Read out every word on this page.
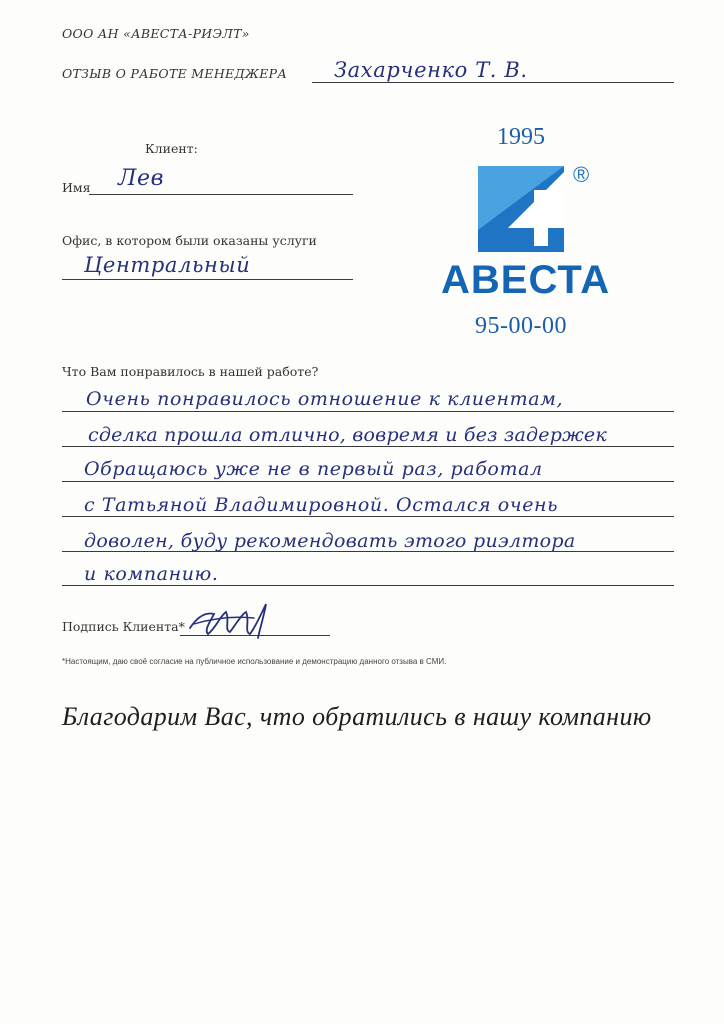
ООО АН «АВЕСТА-РИЭЛТ»
ОТЗЫВ О РАБОТЕ МЕНЕДЖЕРА Захарченко Т. В.
Клиент:
Имя Лев
Офис, в котором были оказаны услуги
Центральный
1995
®
АВЕСТА
95-00-00
Что Вам понравилось в нашей работе?
Очень понравилось отношение к клиентам,
сделка прошла отлично, вовремя и без задержек
Обращаюсь уже не в первый раз, работал
с Татьяной Владимировной. Остался очень
доволен, буду рекомендовать этого риэлтора
и компанию.
Подпись Клиента*
*Настоящим, даю своё согласие на публичное использование и демонстрацию данного отзыва в СМИ.
Благодарим Вас, что обратились в нашу компанию
